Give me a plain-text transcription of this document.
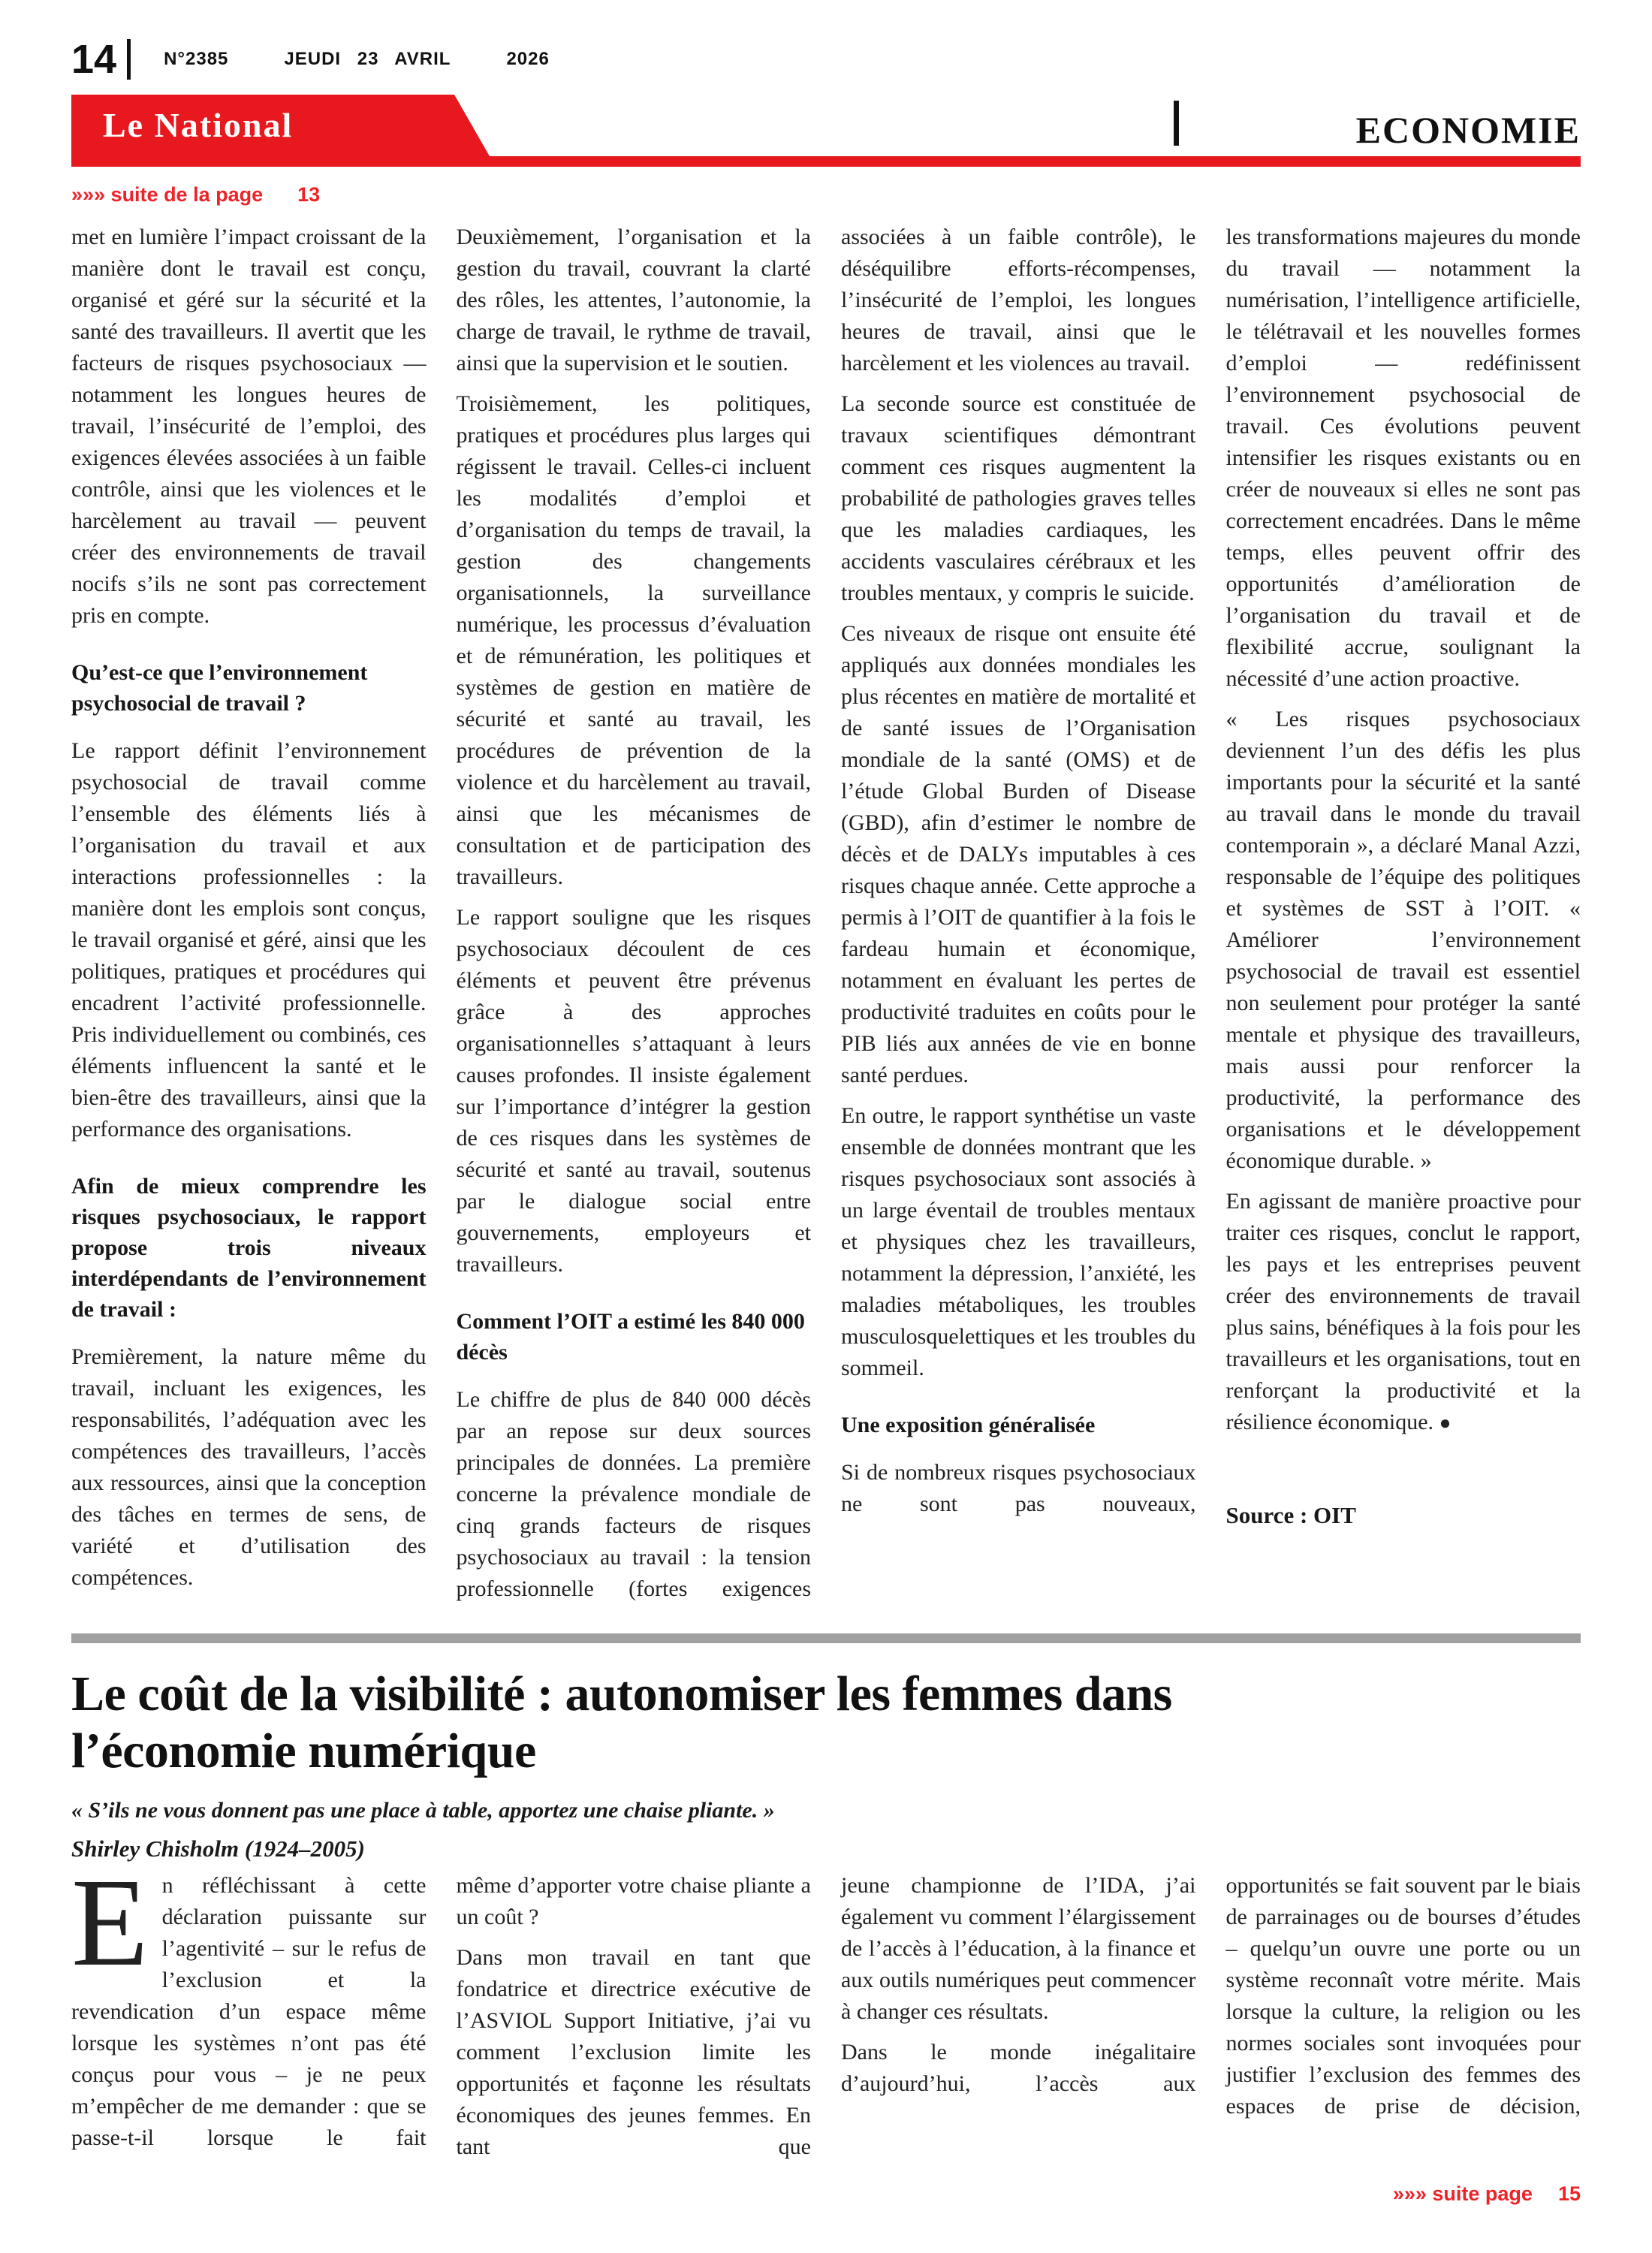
14	N°2385	JEUDI 23 AVRIL	2026
Le National	ECONOMIE
»»» suite de la page 13

met en lumière l’impact croissant de la manière dont le travail est conçu, organisé et géré sur la sécurité et la santé des travailleurs. Il avertit que les facteurs de risques psychosociaux — notamment les longues heures de travail, l’insécurité de l’emploi, des exigences élevées associées à un faible contrôle, ainsi que les violences et le harcèlement au travail — peuvent créer des environnements de travail nocifs s’ils ne sont pas correctement pris en compte.

Qu’est-ce que l’environnement psychosocial de travail ?

Le rapport définit l’environnement psychosocial de travail comme l’ensemble des éléments liés à l’organisation du travail et aux interactions professionnelles : la manière dont les emplois sont conçus, le travail organisé et géré, ainsi que les politiques, pratiques et procédures qui encadrent l’activité professionnelle. Pris individuellement ou combinés, ces éléments influencent la santé et le bien-être des travailleurs, ainsi que la performance des organisations.

Afin de mieux comprendre les risques psychosociaux, le rapport propose trois niveaux interdépendants de l’environnement de travail :

Premièrement, la nature même du travail, incluant les exigences, les responsabilités, l’adéquation avec les compétences des travailleurs, l’accès aux ressources, ainsi que la conception des tâches en termes de sens, de variété et d’utilisation des compétences.

Deuxièmement, l’organisation et la gestion du travail, couvrant la clarté des rôles, les attentes, l’autonomie, la charge de travail, le rythme de travail, ainsi que la supervision et le soutien.

Troisièmement, les politiques, pratiques et procédures plus larges qui régissent le travail. Celles-ci incluent les modalités d’emploi et d’organisation du temps de travail, la gestion des changements organisationnels, la surveillance numérique, les processus d’évaluation et de rémunération, les politiques et systèmes de gestion en matière de sécurité et santé au travail, les procédures de prévention de la violence et du harcèlement au travail, ainsi que les mécanismes de consultation et de participation des travailleurs.

Le rapport souligne que les risques psychosociaux découlent de ces éléments et peuvent être prévenus grâce à des approches organisationnelles s’attaquant à leurs causes profondes. Il insiste également sur l’importance d’intégrer la gestion de ces risques dans les systèmes de sécurité et santé au travail, soutenus par le dialogue social entre gouvernements, employeurs et travailleurs.

Comment l’OIT a estimé les 840 000 décès

Le chiffre de plus de 840 000 décès par an repose sur deux sources principales de données. La première concerne la prévalence mondiale de cinq grands facteurs de risques psychosociaux au travail : la tension professionnelle (fortes exigences

associées à un faible contrôle), le déséquilibre efforts-récompenses, l’insécurité de l’emploi, les longues heures de travail, ainsi que le harcèlement et les violences au travail.

La seconde source est constituée de travaux scientifiques démontrant comment ces risques augmentent la probabilité de pathologies graves telles que les maladies cardiaques, les accidents vasculaires cérébraux et les troubles mentaux, y compris le suicide.

Ces niveaux de risque ont ensuite été appliqués aux données mondiales les plus récentes en matière de mortalité et de santé issues de l’Organisation mondiale de la santé (OMS) et de l’étude Global Burden of Disease (GBD), afin d’estimer le nombre de décès et de DALYs imputables à ces risques chaque année. Cette approche a permis à l’OIT de quantifier à la fois le fardeau humain et économique, notamment en évaluant les pertes de productivité traduites en coûts pour le PIB liés aux années de vie en bonne santé perdues.

En outre, le rapport synthétise un vaste ensemble de données montrant que les risques psychosociaux sont associés à un large éventail de troubles mentaux et physiques chez les travailleurs, notamment la dépression, l’anxiété, les maladies métaboliques, les troubles musculosquelettiques et les troubles du sommeil.

Une exposition généralisée

Si de nombreux risques psychosociaux ne sont pas nouveaux,

les transformations majeures du monde du travail — notamment la numérisation, l’intelligence artificielle, le télétravail et les nouvelles formes d’emploi — redéfinissent l’environnement psychosocial de travail. Ces évolutions peuvent intensifier les risques existants ou en créer de nouveaux si elles ne sont pas correctement encadrées. Dans le même temps, elles peuvent offrir des opportunités d’amélioration de l’organisation du travail et de flexibilité accrue, soulignant la nécessité d’une action proactive.

« Les risques psychosociaux deviennent l’un des défis les plus importants pour la sécurité et la santé au travail dans le monde du travail contemporain », a déclaré Manal Azzi, responsable de l’équipe des politiques et systèmes de SST à l’OIT. « Améliorer l’environnement psychosocial de travail est essentiel non seulement pour protéger la santé mentale et physique des travailleurs, mais aussi pour renforcer la productivité, la performance des organisations et le développement économique durable. »

En agissant de manière proactive pour traiter ces risques, conclut le rapport, les pays et les entreprises peuvent créer des environnements de travail plus sains, bénéfiques à la fois pour les travailleurs et les organisations, tout en renforçant la productivité et la résilience économique. ●

Source : OIT

Le coût de la visibilité : autonomiser les femmes dans
l’économie numérique

« S’ils ne vous donnent pas une place à table, apportez une chaise pliante. »

Shirley Chisholm (1924–2005)

En réfléchissant à cette déclaration puissante sur l’agentivité – sur le refus de l’exclusion et la revendication d’un espace même lorsque les systèmes n’ont pas été conçus pour vous – je ne peux m’empêcher de me demander : que se passe-t-il lorsque le fait

même d’apporter votre chaise pliante a un coût ?

Dans mon travail en tant que fondatrice et directrice exécutive de l’ASVIOL Support Initiative, j’ai vu comment l’exclusion limite les opportunités et façonne les résultats économiques des jeunes femmes. En tant que

jeune championne de l’IDA, j’ai également vu comment l’élargissement de l’accès à l’éducation, à la finance et aux outils numériques peut commencer à changer ces résultats.

Dans le monde inégalitaire d’aujourd’hui, l’accès aux

opportunités se fait souvent par le biais de parrainages ou de bourses d’études – quelqu’un ouvre une porte ou un système reconnaît votre mérite. Mais lorsque la culture, la religion ou les normes sociales sont invoquées pour justifier l’exclusion des femmes des espaces de prise de décision,

»»» suite page 15
